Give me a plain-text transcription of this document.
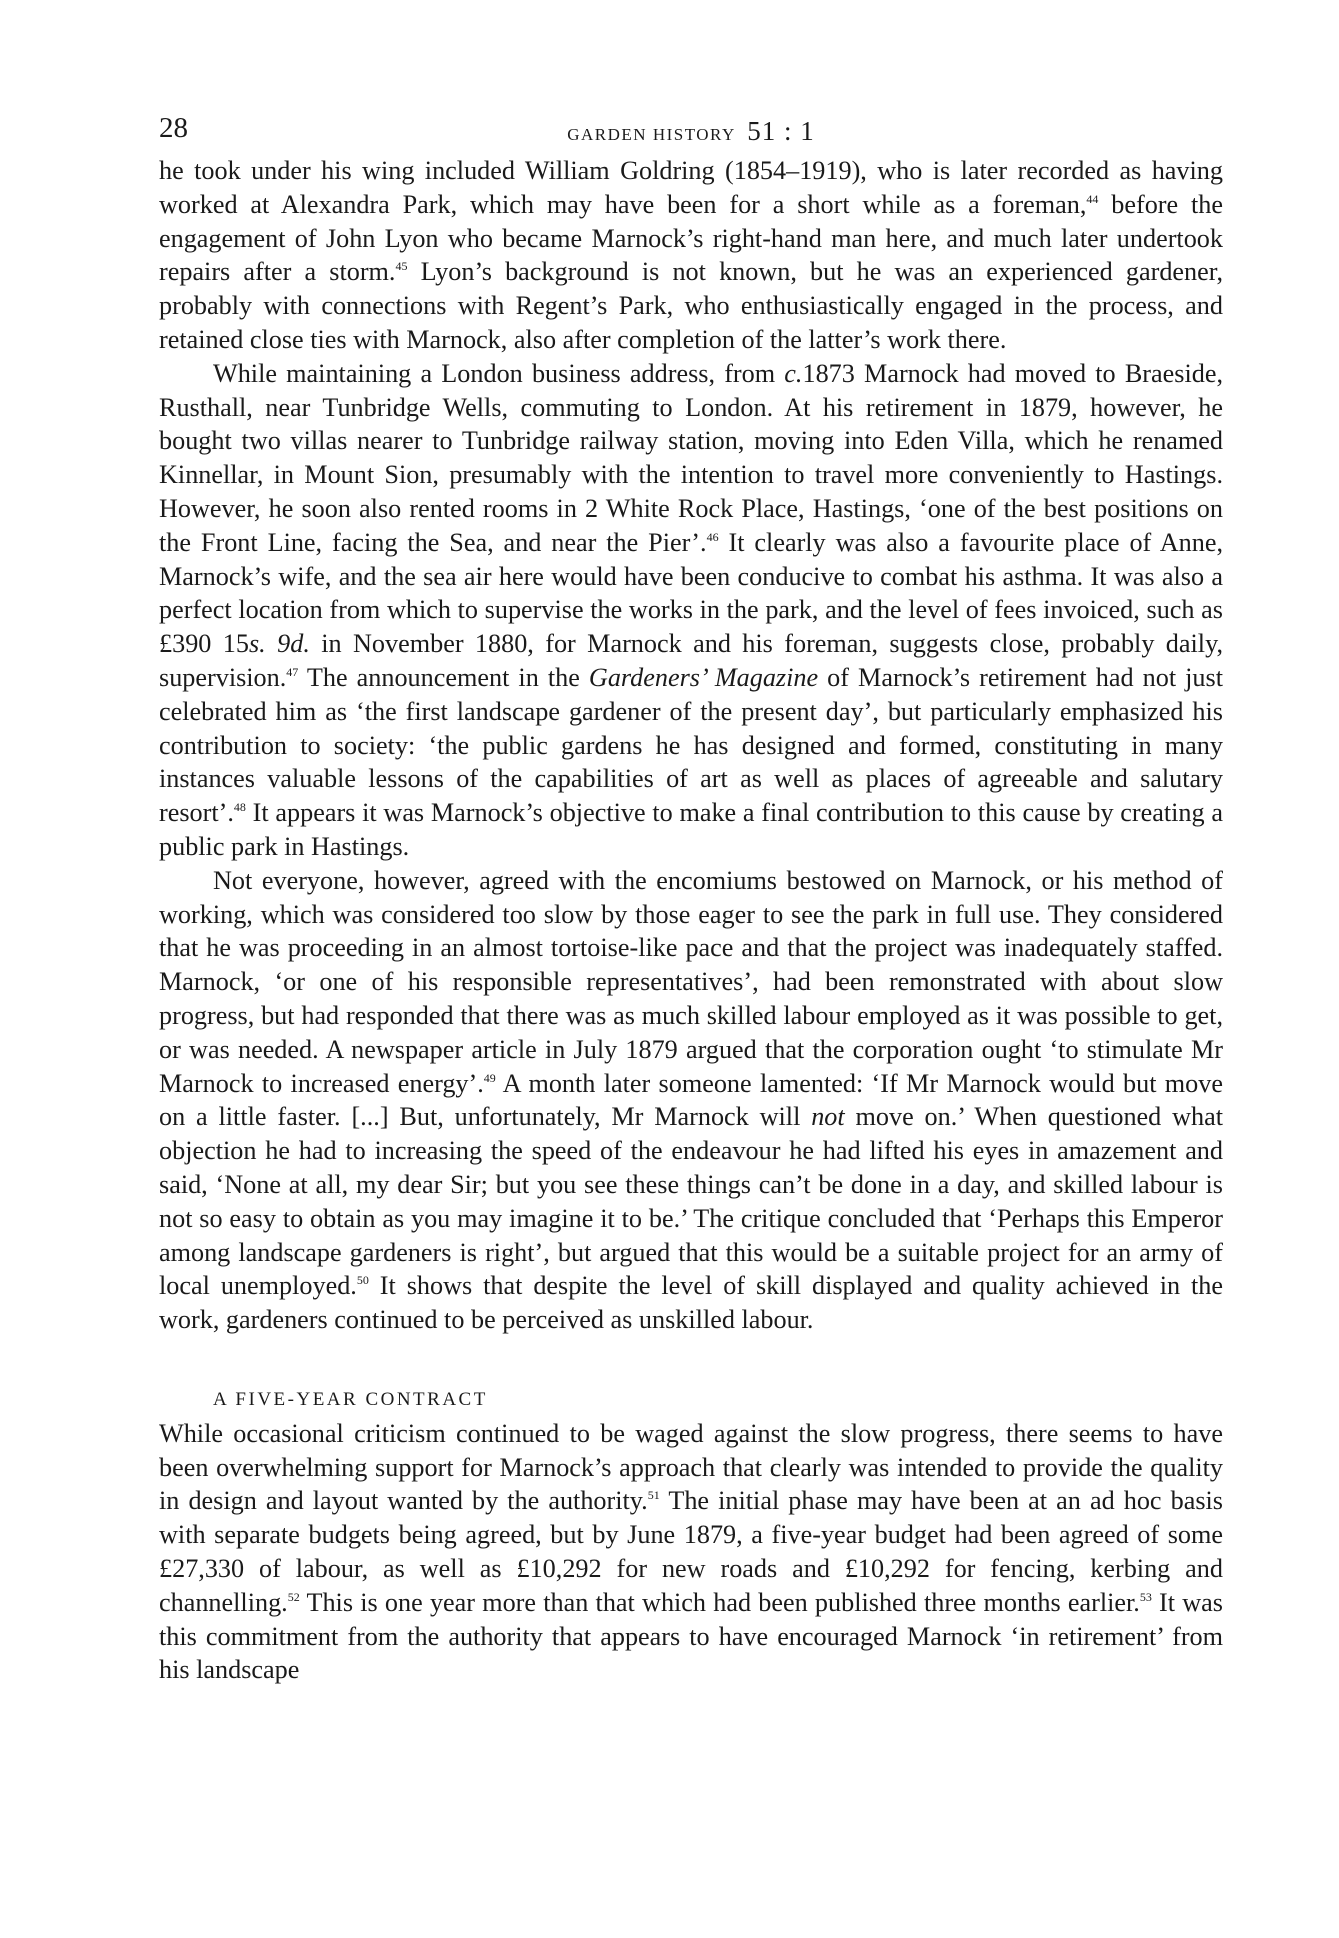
28	GARDEN HISTORY 51 : 1

he took under his wing included William Goldring (1854–1919), who is later recorded as having worked at Alexandra Park, which may have been for a short while as a foreman,$^{44}$ before the engagement of John Lyon who became Marnock’s right-hand man here, and much later undertook repairs after a storm.$^{45}$ Lyon’s background is not known, but he was an experienced gardener, probably with connections with Regent’s Park, who enthusiastically engaged in the process, and retained close ties with Marnock, also after completion of the latter’s work there.

While maintaining a London business address, from c.1873 Marnock had moved to Braeside, Rusthall, near Tunbridge Wells, commuting to London. At his retirement in 1879, however, he bought two villas nearer to Tunbridge railway station, moving into Eden Villa, which he renamed Kinnellar, in Mount Sion, presumably with the intention to travel more conveniently to Hastings. However, he soon also rented rooms in 2 White Rock Place, Hastings, ‘one of the best positions on the Front Line, facing the Sea, and near the Pier’.$^{46}$ It clearly was also a favourite place of Anne, Marnock’s wife, and the sea air here would have been conducive to combat his asthma. It was also a perfect location from which to supervise the works in the park, and the level of fees invoiced, such as £390 15s. 9d. in November 1880, for Marnock and his foreman, suggests close, probably daily, supervision.$^{47}$ The announcement in the Gardeners’ Magazine of Marnock’s retirement had not just celebrated him as ‘the first landscape gardener of the present day’, but particularly emphasized his contribution to society: ‘the public gardens he has designed and formed, constituting in many instances valuable lessons of the capabilities of art as well as places of agreeable and salutary resort’.$^{48}$ It appears it was Marnock’s objective to make a final contribution to this cause by creating a public park in Hastings.

Not everyone, however, agreed with the encomiums bestowed on Marnock, or his method of working, which was considered too slow by those eager to see the park in full use. They considered that he was proceeding in an almost tortoise-like pace and that the project was inadequately staffed. Marnock, ‘or one of his responsible representatives’, had been remonstrated with about slow progress, but had responded that there was as much skilled labour employed as it was possible to get, or was needed. A newspaper article in July 1879 argued that the corporation ought ‘to stimulate Mr Marnock to increased energy’.$^{49}$ A month later someone lamented: ‘If Mr Marnock would but move on a little faster. [...] But, unfortunately, Mr Marnock will not move on.’ When questioned what objection he had to increasing the speed of the endeavour he had lifted his eyes in amazement and said, ‘None at all, my dear Sir; but you see these things can’t be done in a day, and skilled labour is not so easy to obtain as you may imagine it to be.’ The critique concluded that ‘Perhaps this Emperor among landscape gardeners is right’, but argued that this would be a suitable project for an army of local unemployed.$^{50}$ It shows that despite the level of skill displayed and quality achieved in the work, gardeners continued to be perceived as unskilled labour.

A FIVE-YEAR CONTRACT

While occasional criticism continued to be waged against the slow progress, there seems to have been overwhelming support for Marnock’s approach that clearly was intended to provide the quality in design and layout wanted by the authority.$^{51}$ The initial phase may have been at an ad hoc basis with separate budgets being agreed, but by June 1879, a five-year budget had been agreed of some £27,330 of labour, as well as £10,292 for new roads and £10,292 for fencing, kerbing and channelling.$^{52}$ This is one year more than that which had been published three months earlier.$^{53}$ It was this commitment from the authority that appears to have encouraged Marnock ‘in retirement’ from his landscape
